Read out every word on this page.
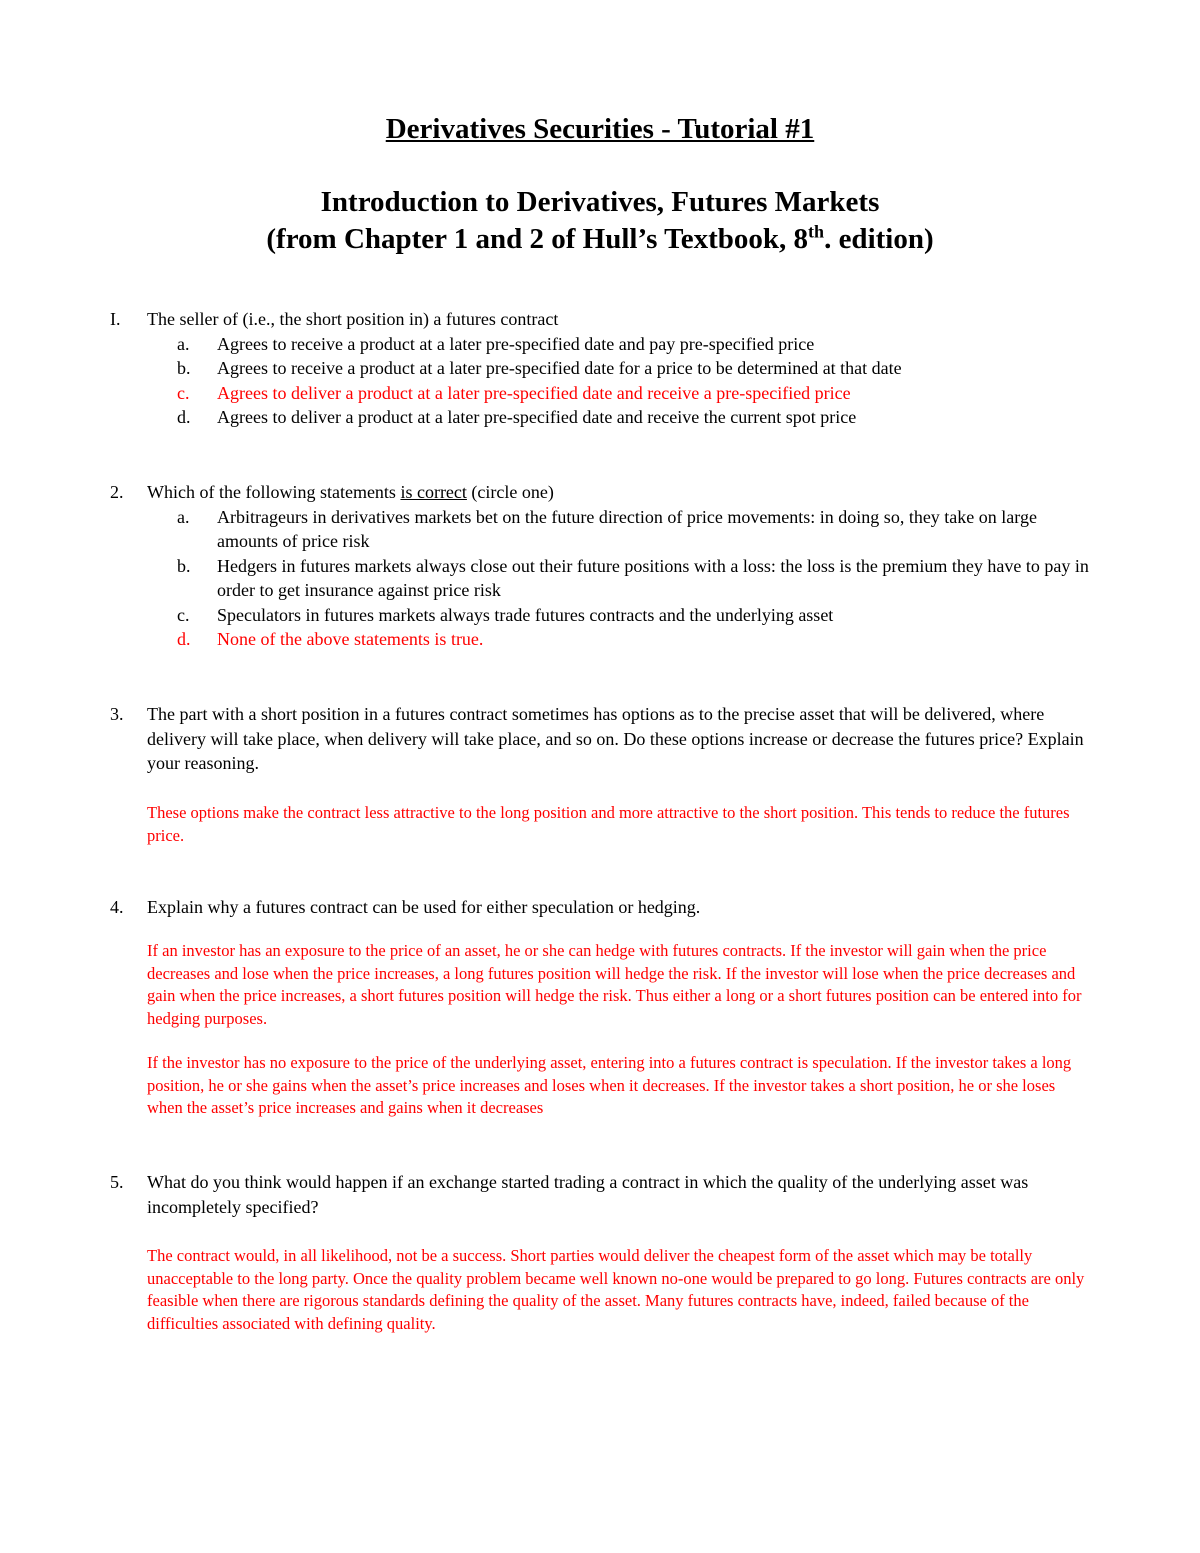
Derivatives Securities - Tutorial #1
Introduction to Derivatives, Futures Markets
(from Chapter 1 and 2 of Hull’s Textbook, 8th. edition)
I. The seller of (i.e., the short position in) a futures contract
a. Agrees to receive a product at a later pre-specified date and pay pre-specified price
b. Agrees to receive a product at a later pre-specified date for a price to be determined at that date
c. Agrees to deliver a product at a later pre-specified date and receive a pre-specified price
d. Agrees to deliver a product at a later pre-specified date and receive the current spot price
2. Which of the following statements is correct (circle one)
a. Arbitrageurs in derivatives markets bet on the future direction of price movements: in doing so, they take on large amounts of price risk
b. Hedgers in futures markets always close out their future positions with a loss: the loss is the premium they have to pay in order to get insurance against price risk
c. Speculators in futures markets always trade futures contracts and the underlying asset
d. None of the above statements is true.
3. The part with a short position in a futures contract sometimes has options as to the precise asset that will be delivered, where delivery will take place, when delivery will take place, and so on. Do these options increase or decrease the futures price? Explain your reasoning.
These options make the contract less attractive to the long position and more attractive to the short position. This tends to reduce the futures price.
4. Explain why a futures contract can be used for either speculation or hedging.

If an investor has an exposure to the price of an asset, he or she can hedge with futures contracts. If the investor will gain when the price decreases and lose when the price increases, a long futures position will hedge the risk. If the investor will lose when the price decreases and gain when the price increases, a short futures position will hedge the risk. Thus either a long or a short futures position can be entered into for hedging purposes.

If the investor has no exposure to the price of the underlying asset, entering into a futures contract is speculation. If the investor takes a long position, he or she gains when the asset’s price increases and loses when it decreases. If the investor takes a short position, he or she loses when the asset’s price increases and gains when it decreases

5. What do you think would happen if an exchange started trading a contract in which the quality of the underlying asset was incompletely specified?
The contract would, in all likelihood, not be a success. Short parties would deliver the cheapest form of the asset which may be totally unacceptable to the long party. Once the quality problem became well known no-one would be prepared to go long. Futures contracts are only feasible when there are rigorous standards defining the quality of the asset. Many futures contracts have, indeed, failed because of the difficulties associated with defining quality.
